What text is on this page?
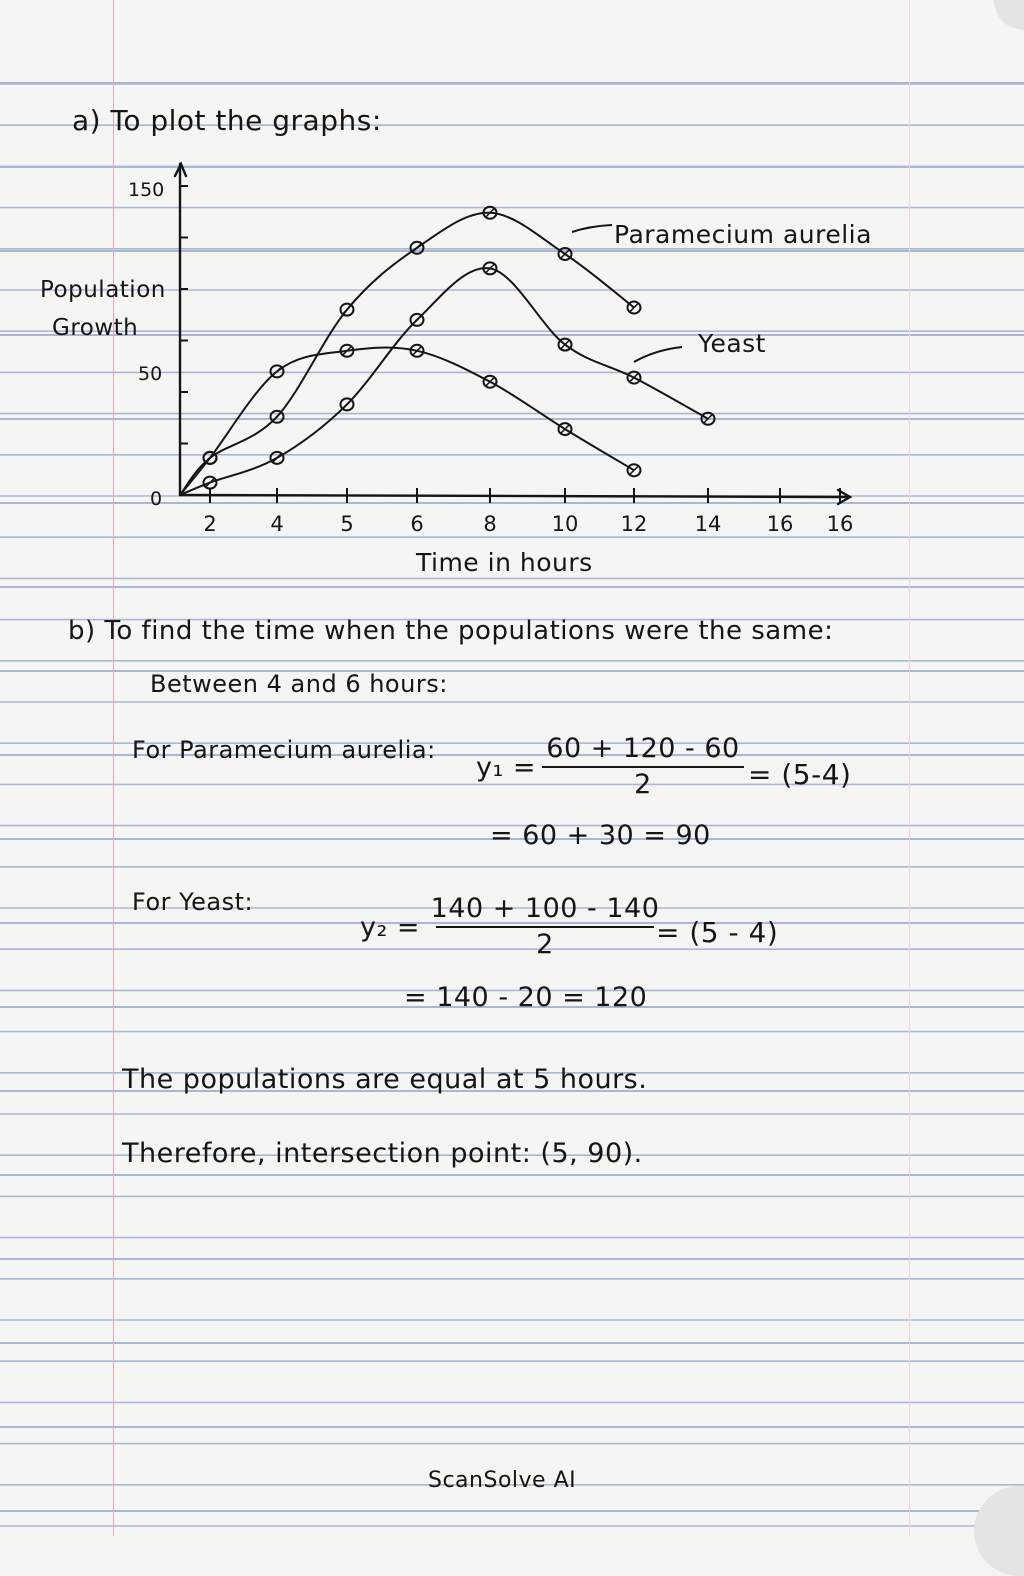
a) To plot the graphs:
0
50
150
2	4	5	6	8	10 12 14 16 16
Population
Growth
Time in hours
Paramecium aurelia
Yeast
b) To find the time when the populations were the same:
Between 4 and 6 hours:
For Paramecium aurelia:
y₁ =
60 + 120 - 60
2	= (5-4)
= 60 + 30 = 90
For Yeast:
y₂ =
140 + 100 - 140
2	= (5 - 4)
= 140 - 20 = 120
The populations are equal at 5 hours.
Therefore, intersection point: (5, 90).
ScanSolve AI
